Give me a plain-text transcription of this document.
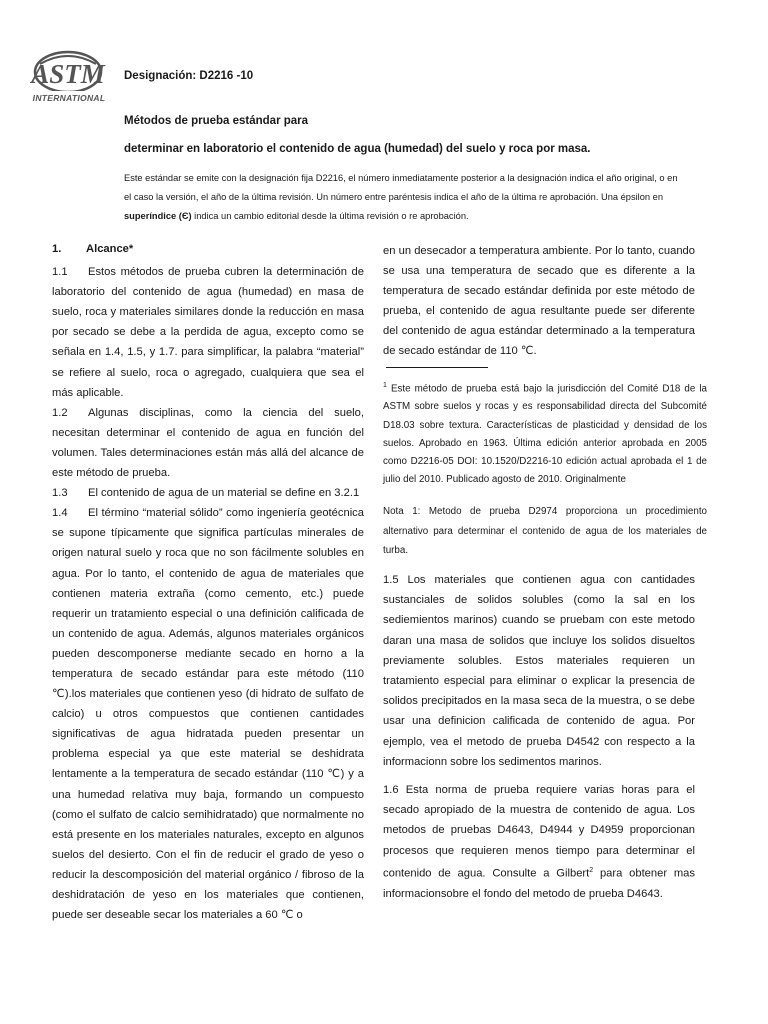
ASTM
INTERNATIONAL
Designación: D2216 -10
Métodos de prueba estándar para
determinar en laboratorio el contenido de agua (humedad) del suelo y roca por masa.
Este estándar se emite con la designación fija D2216, el número inmediatamente posterior a la designación indica el año original, o en el caso la versión, el año de la última revisión. Un número entre paréntesis indica el año de la última re aprobación. Una épsilon en superíndice (Є) indica un cambio editorial desde la última revisión o re aprobación.

1. Alcance*

1.1 Estos métodos de prueba cubren la determinación de laboratorio del contenido de agua (humedad) en masa de suelo, roca y materiales similares donde la reducción en masa por secado se debe a la perdida de agua, excepto como se señala en 1.4, 1.5, y 1.7. para simplificar, la palabra “material” se refiere al suelo, roca o agregado, cualquiera que sea el más aplicable.

1.2 Algunas disciplinas, como la ciencia del suelo, necesitan determinar el contenido de agua en función del volumen. Tales determinaciones están más allá del alcance de este método de prueba.

1.3 El contenido de agua de un material se define en 3.2.1

1.4 El término “material sólido” como ingeniería geotécnica se supone típicamente que significa partículas minerales de origen natural suelo y roca que no son fácilmente solubles en agua. Por lo tanto, el contenido de agua de materiales que contienen materia extraña (como cemento, etc.) puede requerir un tratamiento especial o una definición calificada de un contenido de agua. Además, algunos materiales orgánicos pueden descomponerse mediante secado en horno a la temperatura de secado estándar para este método (110 ℃).los materiales que contienen yeso (di hidrato de sulfato de calcio) u otros compuestos que contienen cantidades significativas de agua hidratada pueden presentar un problema especial ya que este material se deshidrata lentamente a la temperatura de secado estándar (110 ℃) y a una humedad relativa muy baja, formando un compuesto (como el sulfato de calcio semihidratado) que normalmente no está presente en los materiales naturales, excepto en algunos suelos del desierto. Con el fin de reducir el grado de yeso o reducir la descomposición del material orgánico / fibroso de la deshidratación de yeso en los materiales que contienen, puede ser deseable secar los materiales a 60 ℃ o

en un desecador a temperatura ambiente. Por lo tanto, cuando se usa una temperatura de secado que es diferente a la temperatura de secado estándar definida por este método de prueba, el contenido de agua resultante puede ser diferente del contenido de agua estándar determinado a la temperatura de secado estándar de 110 ℃.

$^1$ Este método de prueba está bajo la jurisdicción del Comité D18 de la ASTM sobre suelos y rocas y es responsabilidad directa del Subcomité D18.03 sobre textura. Características de plasticidad y densidad de los suelos. Aprobado en 1963. Última edición anterior aprobada en 2005 como D2216-05 DOI: 10.1520/D2216-10 edición actual aprobada el 1 de julio del 2010. Publicado agosto de 2010. Originalmente
Nota 1: Metodo de prueba D2974 proporciona un procedimiento alternativo para determinar el contenido de agua de los materiales de turba.

1.5 Los materiales que contienen agua con cantidades sustanciales de solidos solubles (como la sal en los sediemientos marinos) cuando se pruebam con este metodo daran una masa de solidos que incluye los solidos disueltos previamente solubles. Estos materiales requieren un tratamiento especial para eliminar o explicar la presencia de solidos precipitados en la masa seca de la muestra, o se debe usar una definicion calificada de contenido de agua. Por ejemplo, vea el metodo de prueba D4542 con respecto a la informacionn sobre los sedimentos marinos.

1.6 Esta norma de prueba requiere varias horas para el secado apropiado de la muestra de contenido de agua. Los metodos de pruebas D4643, D4944 y D4959 proporcionan procesos que requieren menos tiempo para determinar el contenido de agua. Consulte a Gilbert$^2$ para obtener mas informacionsobre el fondo del metodo de prueba D4643.
